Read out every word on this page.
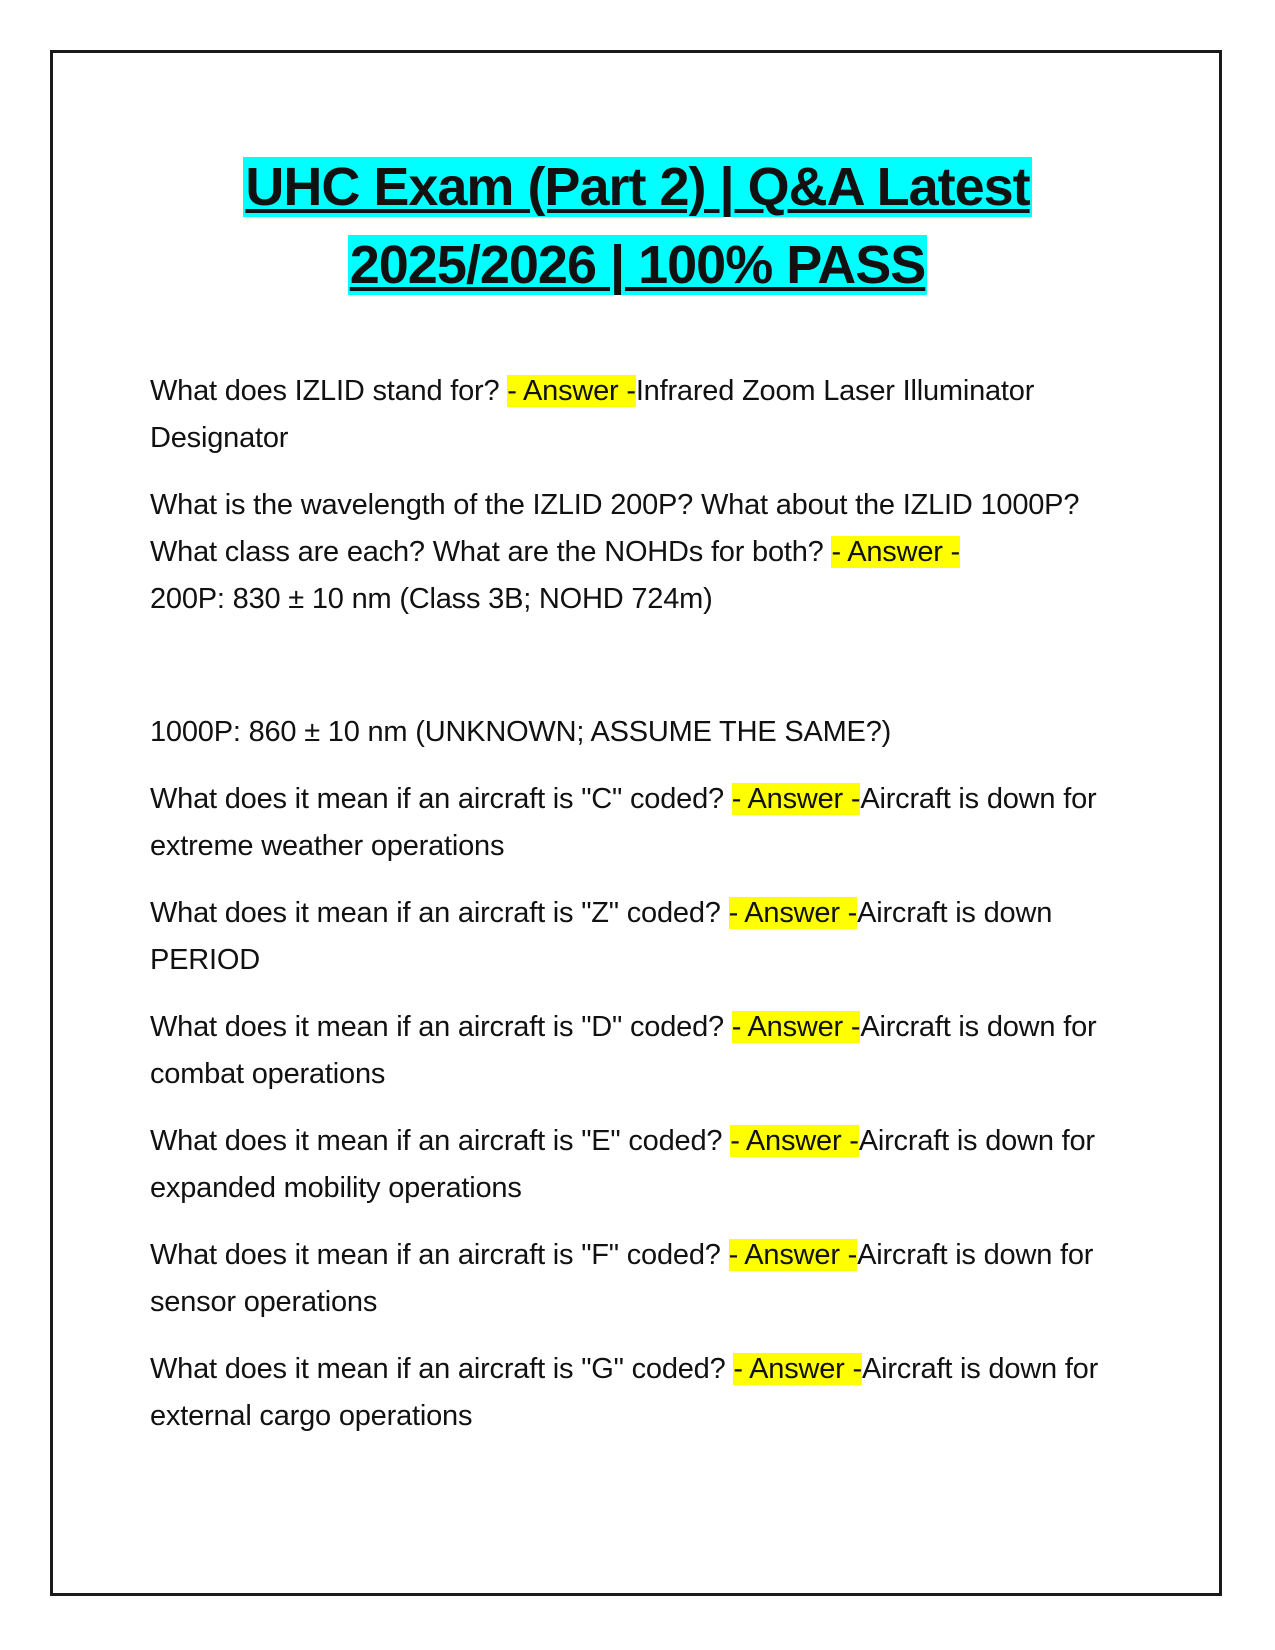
UHC Exam (Part 2) | Q&A Latest
2025/2026 | 100% PASS

What does IZLID stand for? - Answer -Infrared Zoom Laser Illuminator Designator

What is the wavelength of the IZLID 200P? What about the IZLID 1000P? What class are each? What are the NOHDs for both? - Answer -
200P: 830 ± 10 nm (Class 3B; NOHD 724m)

1000P: 860 ± 10 nm (UNKNOWN; ASSUME THE SAME?)

What does it mean if an aircraft is "C" coded? - Answer -Aircraft is down for extreme weather operations

What does it mean if an aircraft is "Z" coded? - Answer -Aircraft is down PERIOD

What does it mean if an aircraft is "D" coded? - Answer -Aircraft is down for combat operations

What does it mean if an aircraft is "E" coded? - Answer -Aircraft is down for expanded mobility operations

What does it mean if an aircraft is "F" coded? - Answer -Aircraft is down for sensor operations

What does it mean if an aircraft is "G" coded? - Answer -Aircraft is down for external cargo operations
